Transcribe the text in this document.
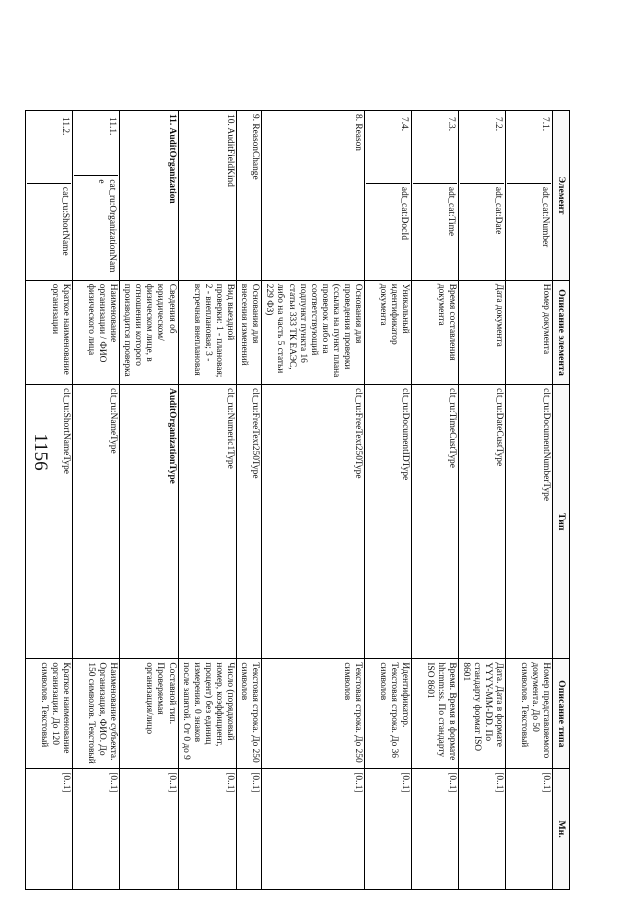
1156
Элемент	Описание элемента	Тип	Описание типа	Мн.

7.1.
adt_cat:Number	Номер документа	clt_ru:DocumentNumberType	Номер представляемого документа. До 50 символов. Текстовый	[0..1]

7.2.
adt_cat:Date	Дата документа	clt_ru:DateCustType	Дата. Дата в формате YYYY-MM-DD. По стандарту формат ISO 8601	[0..1]

7.3.
adt_cat:Time	Время составления документа	clt_ru:TimeCustType	Время. Время в формате hh:mm:ss. По стандарту ISO 8601	[0..1]

7.4.
adt_cat:DocId	Уникальный идентификатор документа	clt_ru:DocumentIDType	Идентификатор. Текстовая строка. До 36 символов	[0..1]
8. Reason	Основания для проведения проверки (ссылка на пункт плана проверок либо на соответствующий подпункт пункта 16 статьи 333 ТК ЕАЭС, либо на часть 5 статьи 229 ФЗ)	clt_ru:FreeText250Type	Текстовая строка. До 250 символов	[0..1]
9. ReasonChange	Основания для внесения изменений	clt_ru:FreeText250Type	Текстовая строка. До 250 символов	[0..1]
10. AuditFieldKind	Вид выездной проверки: 1 - плановая; 2 - внеплановая; 3 - встречная внеплановая	clt_ru:Numeric1Type	Число (порядковый номер, коэффициент, процент) без единиц измерения. 0 знаков после запятой. От 0 до 9	[0..1]
11. AuditOrganization	Сведения об юридическом/физическом лице, в отношении которого производится проверка	AuditOrganizationType	Составной тип. Проверяемая организация/лицо	[0..1]

11.1.
cat_ru:OrganizationName	Наименование организации / ФИО физического лица	clt_ru:NameType	Наименование субъекта. Организация, ФИО. До 150 символов. Текстовый	[0..1]

11.2.
cat_ru:ShortName	Краткое наименование организации	clt_ru:ShortNameType	Краткое наименование организации. До 120 символов. Текстовый	[0..1]
